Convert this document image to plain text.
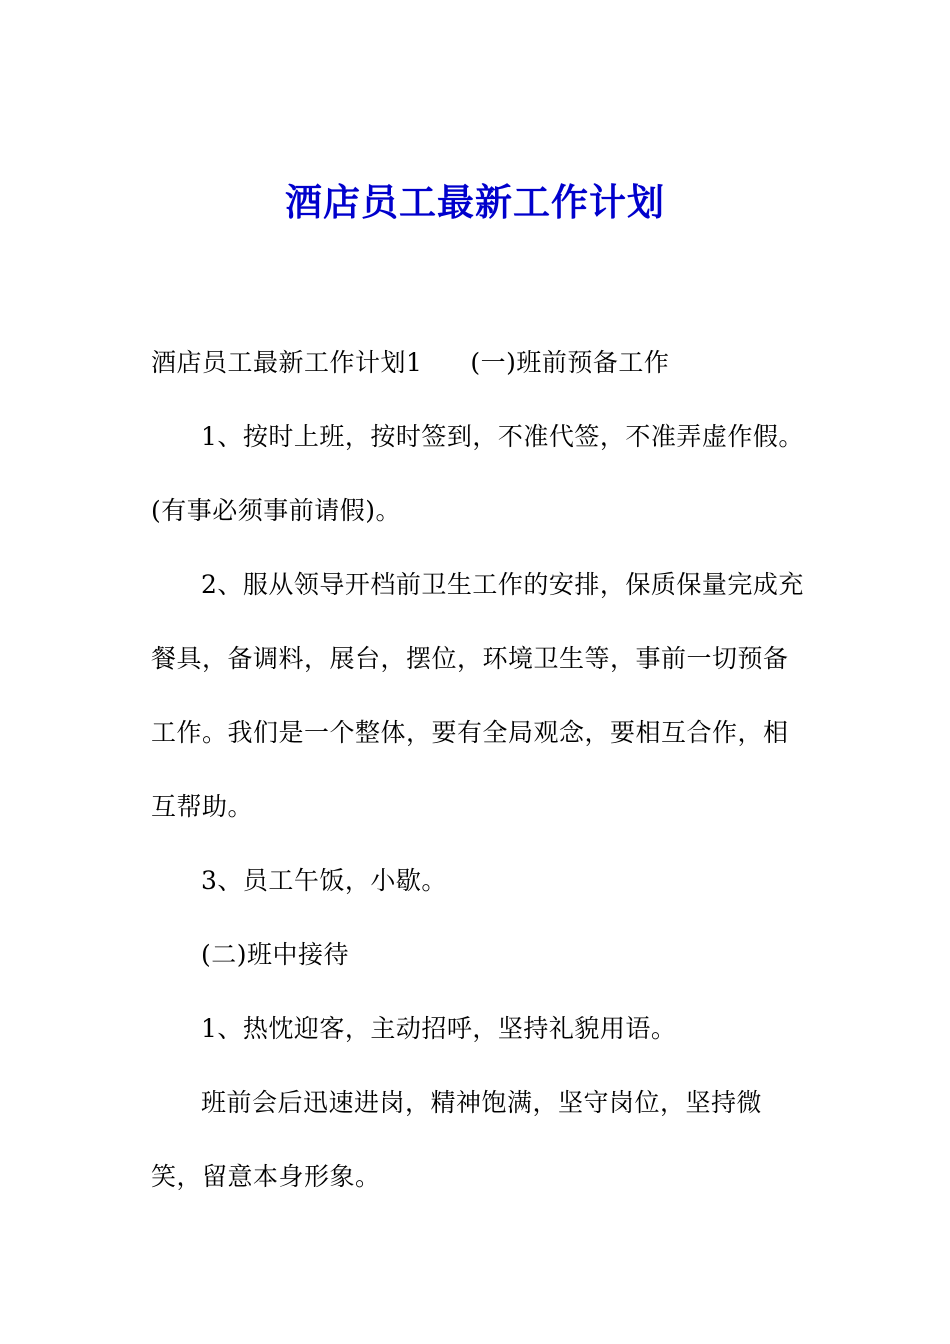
酒店员工最新工作计划
酒店员工最新工作计划1 (一)班前预备工作
1、按时上班，按时签到，不准代签，不准弄虚作假。
(有事必须事前请假)。
2、服从领导开档前卫生工作的安排，保质保量完成充
餐具，备调料，展台，摆位，环境卫生等，事前一切预备
工作。我们是一个整体，要有全局观念，要相互合作，相
互帮助。
3、员工午饭，小歇。
(二)班中接待
1、热忱迎客，主动招呼，坚持礼貌用语。
班前会后迅速进岗，精神饱满，坚守岗位，坚持微
笑，留意本身形象。
